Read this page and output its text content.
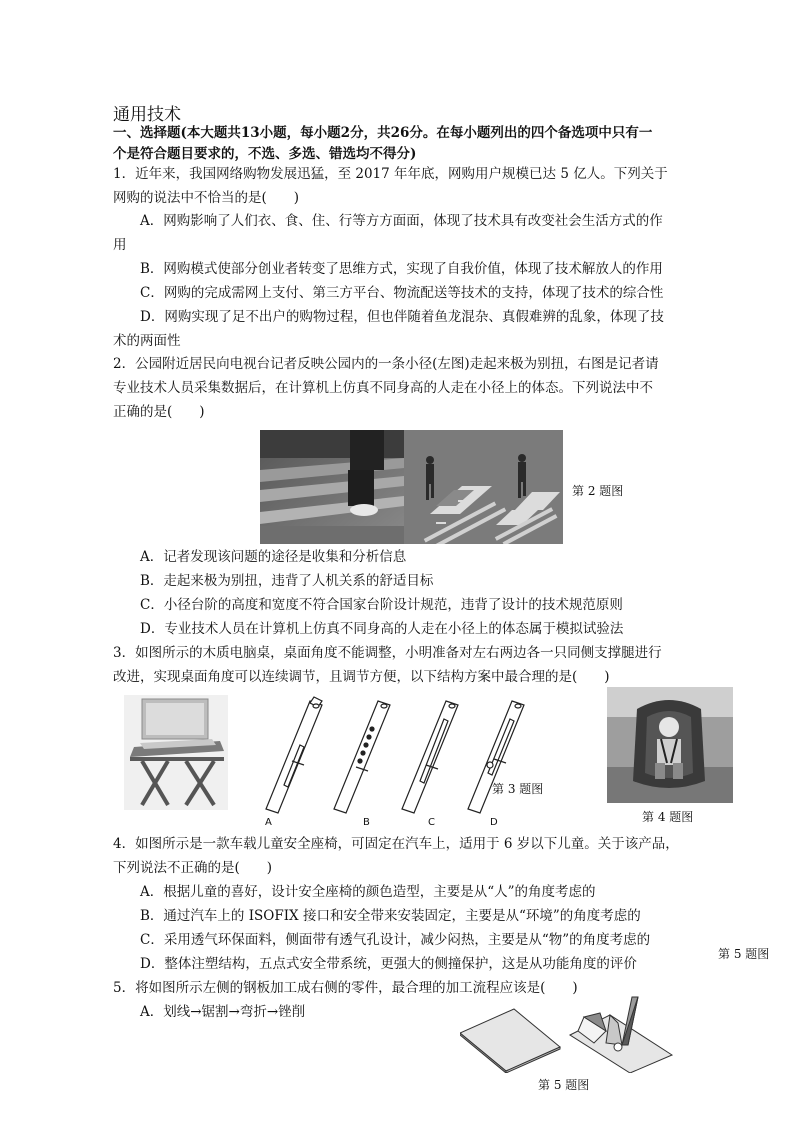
通用技术
一、选择题(本大题共13小题，每小题2分，共26分。在每小题列出的四个备选项中只有一
个是符合题目要求的，不选、多选、错选均不得分)
1．近年来，我国网络购物发展迅猛，至 2017 年年底，网购用户规模已达 5 亿人。下列关于
网购的说法中不恰当的是(　　)
A．网购影响了人们衣、食、住、行等方方面面，体现了技术具有改变社会生活方式的作
用
B．网购模式使部分创业者转变了思维方式，实现了自我价值，体现了技术解放人的作用
C．网购的完成需网上支付、第三方平台、物流配送等技术的支持，体现了技术的综合性
D．网购实现了足不出户的购物过程，但也伴随着鱼龙混杂、真假难辨的乱象，体现了技
术的两面性
2．公园附近居民向电视台记者反映公园内的一条小径(左图)走起来极为别扭，右图是记者请
专业技术人员采集数据后，在计算机上仿真不同身高的人走在小径上的体态。下列说法中不
正确的是(　　)
第 2 题图
A．记者发现该问题的途径是收集和分析信息
B．走起来极为别扭，违背了人机关系的舒适目标
C．小径台阶的高度和宽度不符合国家台阶设计规范，违背了设计的技术规范原则
D．专业技术人员在计算机上仿真不同身高的人走在小径上的体态属于模拟试验法
3．如图所示的木质电脑桌，桌面角度不能调整，小明准备对左右两边各一只同侧支撑腿进行
改进，实现桌面角度可以连续调节，且调节方便，以下结构方案中最合理的是(　　)
A	B	C	D
第 3 题图
第 4 题图
4．如图所示是一款车载儿童安全座椅，可固定在汽车上，适用于 6 岁以下儿童。关于该产品，
下列说法不正确的是(　　)
A．根据儿童的喜好，设计安全座椅的颜色造型，主要是从“人”的角度考虑的
B．通过汽车上的 ISOFIX 接口和安全带来安装固定，主要是从“环境”的角度考虑的
C．采用透气环保面料，侧面带有透气孔设计，减少闷热，主要是从“物”的角度考虑的
D．整体注塑结构，五点式安全带系统，更强大的侧撞保护，这是从功能角度的评价
第 5 题图
5．将如图所示左侧的钢板加工成右侧的零件，最合理的加工流程应该是(　　)
A．划线→锯割→弯折→锉削
第 5 题图
